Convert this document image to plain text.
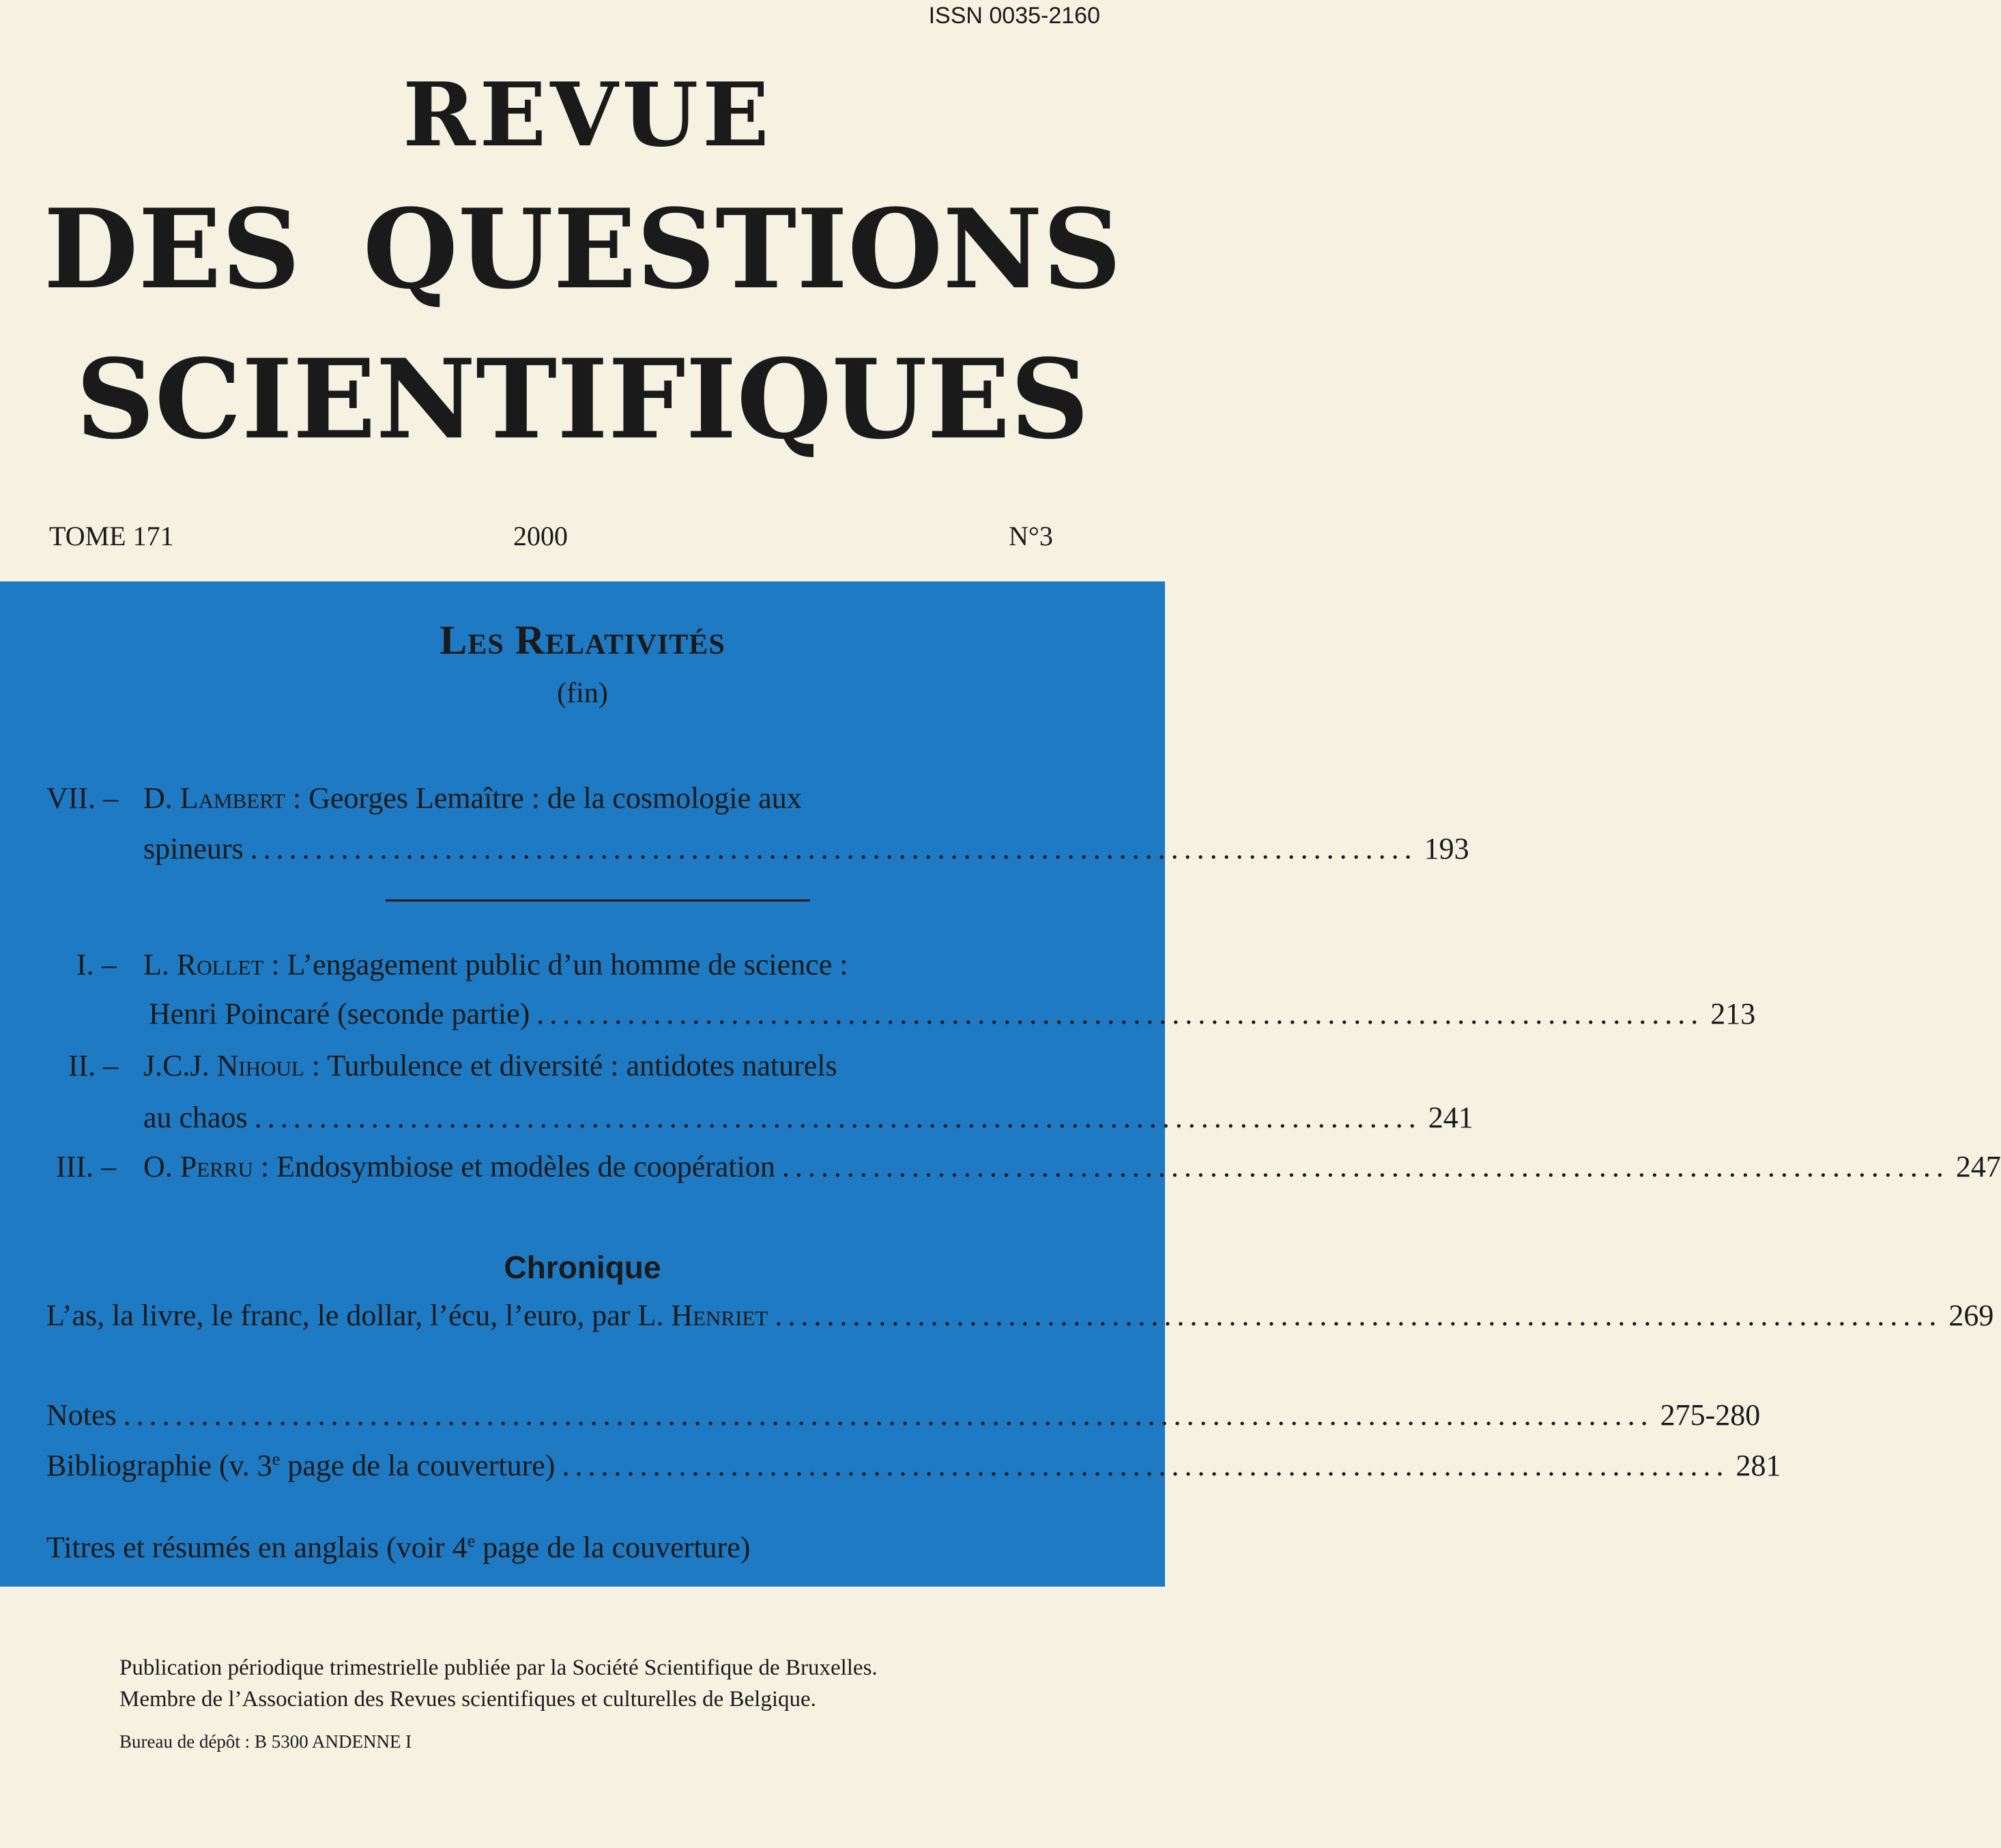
ISSN 0035-2160
REVUE
DES QUESTIONS
SCIENTIFIQUES
TOME 171	2000	N°3
Les Relativités
(fin)
VII. – D. Lambert : Georges Lemaître : de la cosmologie aux
spineurs .......................................................................................... 193
I. – L. Rollet : L’engagement public d’un homme de science :
Henri Poincaré (seconde partie) .......................................................................................... 213
II. – J.C.J. Nihoul : Turbulence et diversité : antidotes naturels
au chaos .......................................................................................... 241
III. – O. Perru : Endosymbiose et modèles de coopération .......................................................................................... 247
Chronique
L’as, la livre, le franc, le dollar, l’écu, l’euro, par L. Henriet .......................................................................................... 269
Notes ...................................................................................................................... 275-280
Bibliographie (v. 3e page de la couverture) .......................................................................................... 281
Titres et résumés en anglais (voir 4e page de la couverture)
Publication périodique trimestrielle publiée par la Société Scientifique de Bruxelles.
Membre de l’Association des Revues scientifiques et culturelles de Belgique.
Bureau de dépôt : B 5300 ANDENNE I
